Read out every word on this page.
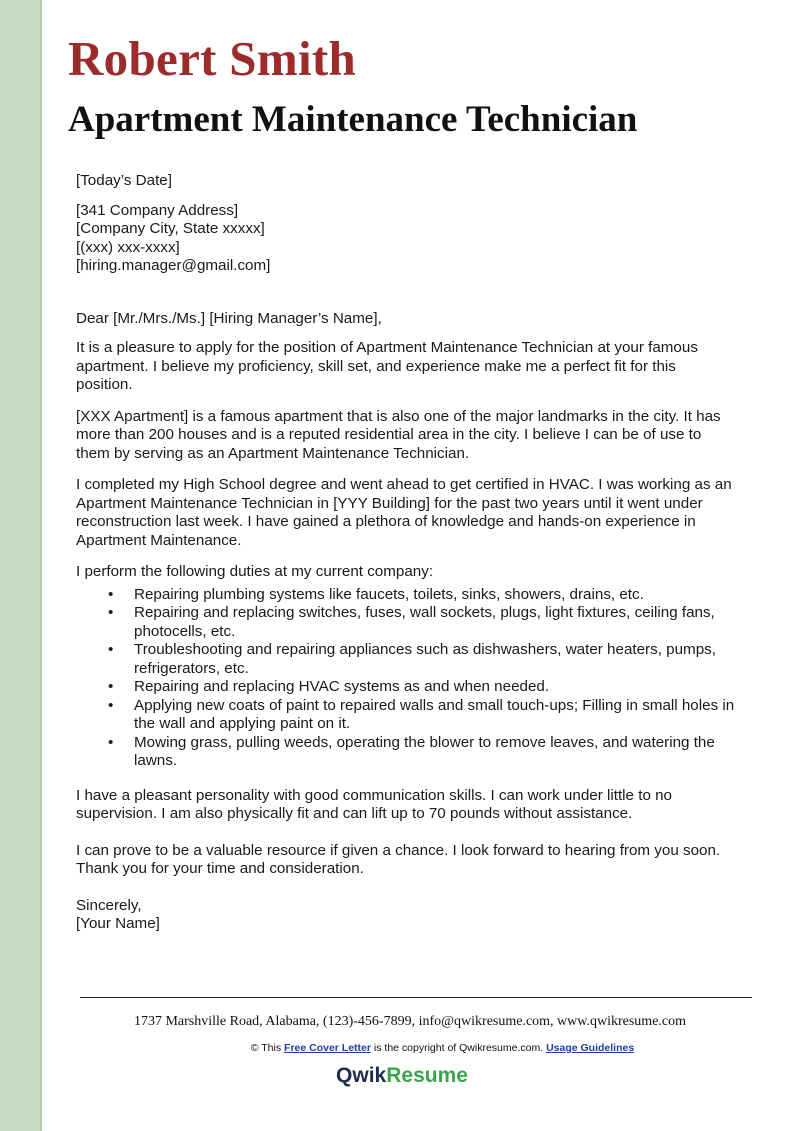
Robert Smith
Apartment Maintenance Technician

[Today’s Date]

[341 Company Address]

[Company City, State xxxxx]

[(xxx) xxx-xxxx]

[hiring.manager@gmail.com]

Dear [Mr./Mrs./Ms.] [Hiring Manager’s Name],

It is a pleasure to apply for the position of Apartment Maintenance Technician at your famous apartment. I believe my proficiency, skill set, and experience make me a perfect fit for this position.

[XXX Apartment] is a famous apartment that is also one of the major landmarks in the city. It has more than 200 houses and is a reputed residential area in the city. I believe I can be of use to them by serving as an Apartment Maintenance Technician.

I completed my High School degree and went ahead to get certified in HVAC. I was working as an Apartment Maintenance Technician in [YYY Building] for the past two years until it went under reconstruction last week. I have gained a plethora of knowledge and hands-on experience in Apartment Maintenance.

I perform the following duties at my current company:

• Repairing plumbing systems like faucets, toilets, sinks, showers, drains, etc.
• Repairing and replacing switches, fuses, wall sockets, plugs, light fixtures, ceiling fans, photocells, etc.
• Troubleshooting and repairing appliances such as dishwashers, water heaters, pumps, refrigerators, etc.
• Repairing and replacing HVAC systems as and when needed.
• Applying new coats of paint to repaired walls and small touch-ups; Filling in small holes in the wall and applying paint on it.
• Mowing grass, pulling weeds, operating the blower to remove leaves, and watering the lawns.

I have a pleasant personality with good communication skills. I can work under little to no supervision. I am also physically fit and can lift up to 70 pounds without assistance.

I can prove to be a valuable resource if given a chance. I look forward to hearing from you soon. Thank you for your time and consideration.

Sincerely,

[Your Name]

1737 Marshville Road, Alabama, (123)-456-7899, info@qwikresume.com, www.qwikresume.com
© This Free Cover Letter is the copyright of Qwikresume.com. Usage Guidelines
QwikResume
